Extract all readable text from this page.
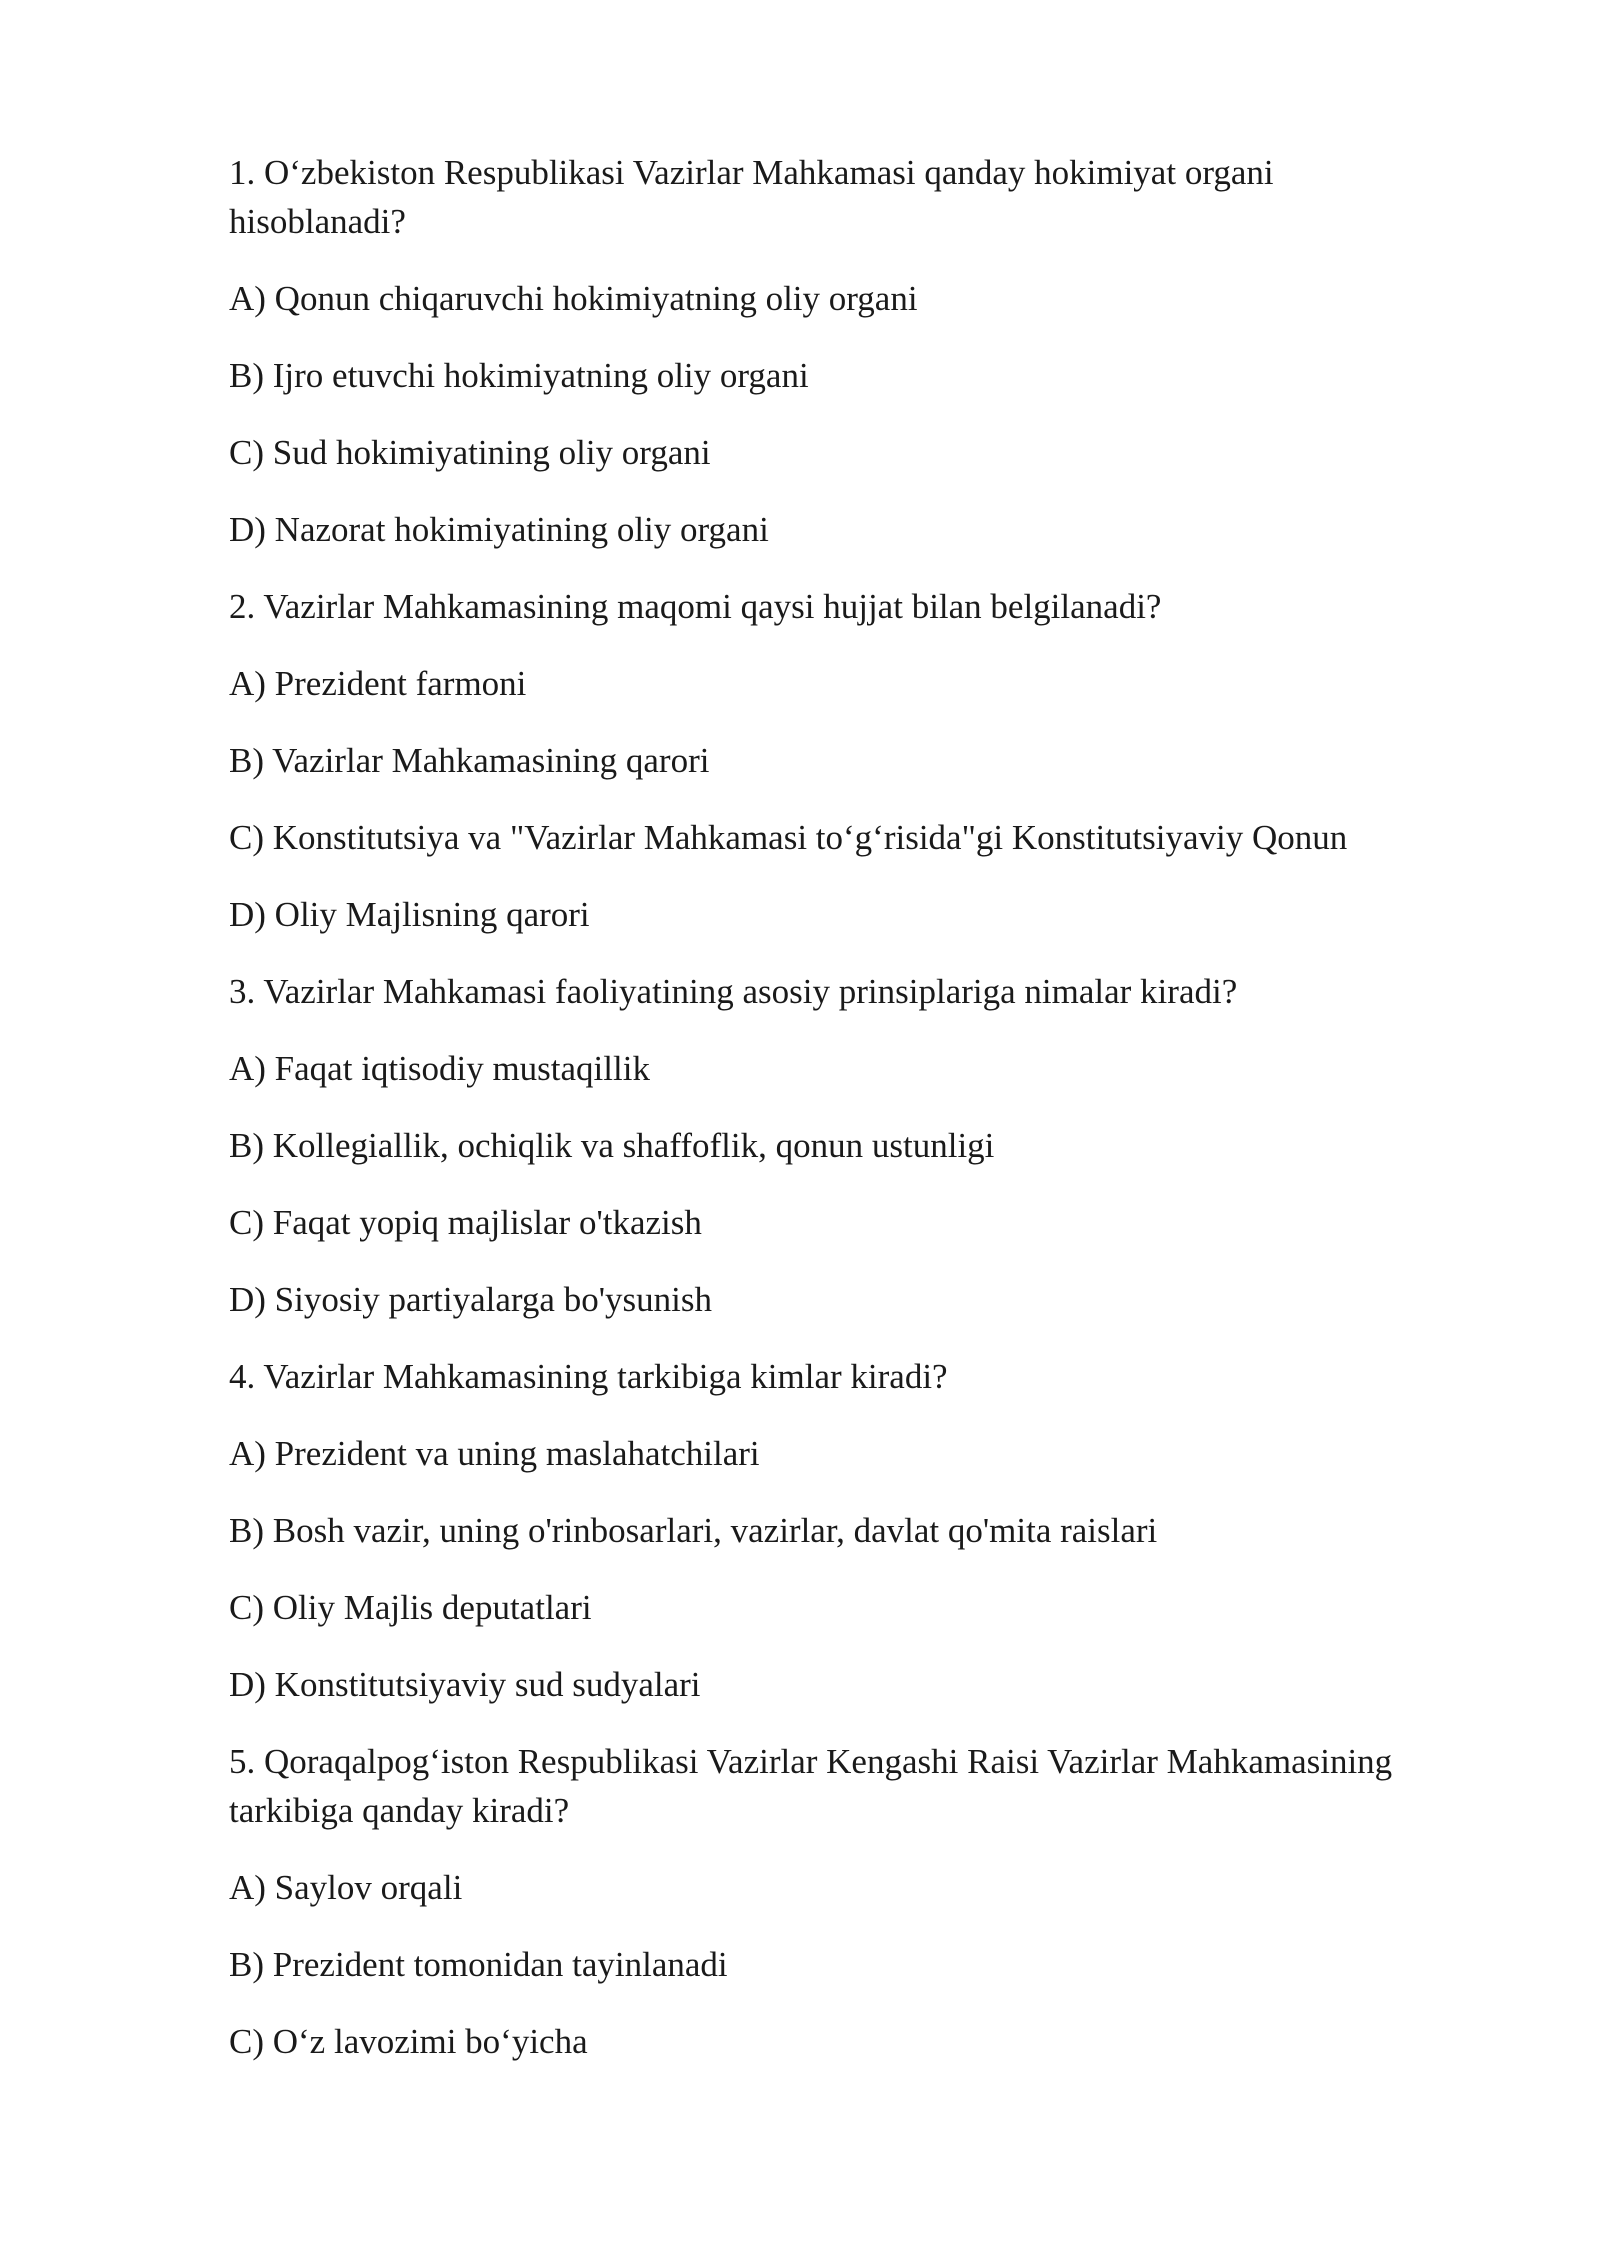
1. O‘zbekiston Respublikasi Vazirlar Mahkamasi qanday hokimiyat organi hisoblanadi?
A) Qonun chiqaruvchi hokimiyatning oliy organi
B) Ijro etuvchi hokimiyatning oliy organi
C) Sud hokimiyatining oliy organi
D) Nazorat hokimiyatining oliy organi
2. Vazirlar Mahkamasining maqomi qaysi hujjat bilan belgilanadi?
A) Prezident farmoni
B) Vazirlar Mahkamasining qarori
C) Konstitutsiya va "Vazirlar Mahkamasi to‘g‘risida"gi Konstitutsiyaviy Qonun
D) Oliy Majlisning qarori
3. Vazirlar Mahkamasi faoliyatining asosiy prinsiplariga nimalar kiradi?
A) Faqat iqtisodiy mustaqillik
B) Kollegiallik, ochiqlik va shaffoflik, qonun ustunligi
C) Faqat yopiq majlislar o'tkazish
D) Siyosiy partiyalarga bo'ysunish
4. Vazirlar Mahkamasining tarkibiga kimlar kiradi?
A) Prezident va uning maslahatchilari
B) Bosh vazir, uning o'rinbosarlari, vazirlar, davlat qo'mita raislari
C) Oliy Majlis deputatlari
D) Konstitutsiyaviy sud sudyalari
5. Qoraqalpog‘iston Respublikasi Vazirlar Kengashi Raisi Vazirlar Mahkamasining tarkibiga qanday kiradi?
A) Saylov orqali
B) Prezident tomonidan tayinlanadi
C) O‘z lavozimi bo‘yicha
